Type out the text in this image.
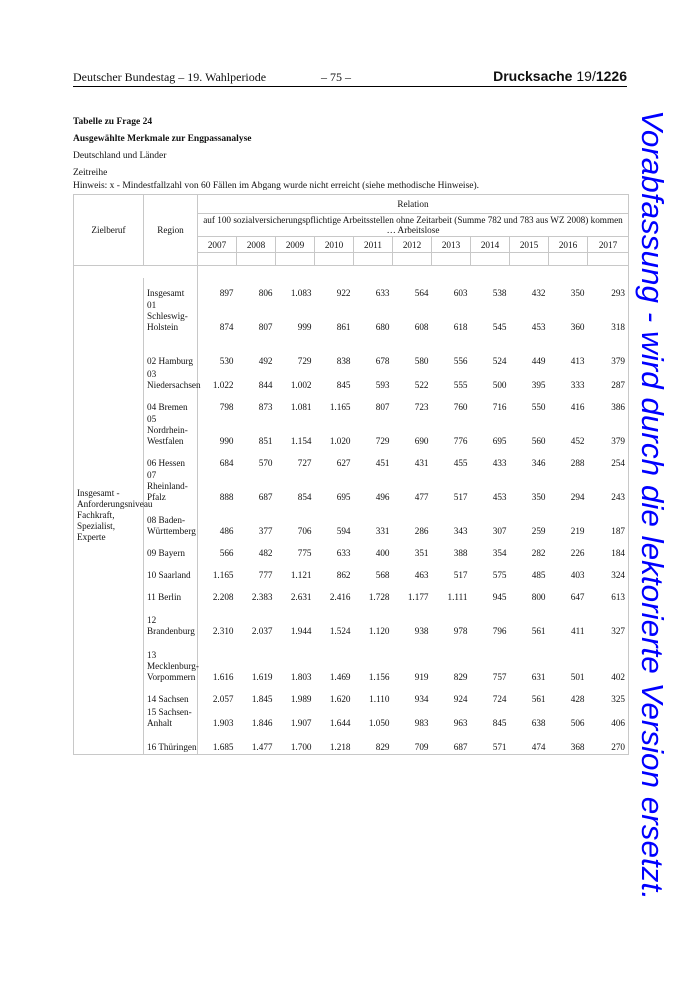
Deutscher Bundestag – 19. Wahlperiode	– 75 –	Drucksache 19/1226
Tabelle zu Frage 24
Ausgewählte Merkmale zur Engpassanalyse
Deutschland und Länder
Zeitreihe
Hinweis: x - Mindestfallzahl von 60 Fällen im Abgang wurde nicht erreicht (siehe methodische Hinweise).
Zielberuf	Region	Relation										
		auf 100 sozialversicherungspflichtige Arbeitsstellen ohne Zeitarbeit (Summe 782 und 783 aus WZ 2008) kommen … Arbeitslose										
		2007	2008	2009	2010	2011	2012	2013	2014	2015	2016	2017

Insgesamt - Anforderungsniveau Fachkraft, Spezialist, Experte	Insgesamt	897	806	1.083	922	633	564	603	538	432	350	293
	01 Schleswig-Holstein	874	807	999	861	680	608	618	545	453	360	318
	02 Hamburg	530	492	729	838	678	580	556	524	449	413	379
	03 Niedersachsen	1.022	844	1.002	845	593	522	555	500	395	333	287
	04 Bremen	798	873	1.081	1.165	807	723	760	716	550	416	386
	05 Nordrhein-Westfalen	990	851	1.154	1.020	729	690	776	695	560	452	379
	06 Hessen	684	570	727	627	451	431	455	433	346	288	254
	07 Rheinland-Pfalz	888	687	854	695	496	477	517	453	350	294	243
	08 Baden-Württemberg	486	377	706	594	331	286	343	307	259	219	187
	09 Bayern	566	482	775	633	400	351	388	354	282	226	184
	10 Saarland	1.165	777	1.121	862	568	463	517	575	485	403	324
	11 Berlin	2.208	2.383	2.631	2.416	1.728	1.177	1.111	945	800	647	613
	12 Brandenburg	2.310	2.037	1.944	1.524	1.120	938	978	796	561	411	327
	13 Mecklenburg-Vorpommern	1.616	1.619	1.803	1.469	1.156	919	829	757	631	501	402
	14 Sachsen	2.057	1.845	1.989	1.620	1.110	934	924	724	561	428	325
	15 Sachsen-Anhalt	1.903	1.846	1.907	1.644	1.050	983	963	845	638	506	406
	16 Thüringen	1.685	1.477	1.700	1.218	829	709	687	571	474	368	270 Vorabfassung - wird durch die lektorierte Version ersetzt.
